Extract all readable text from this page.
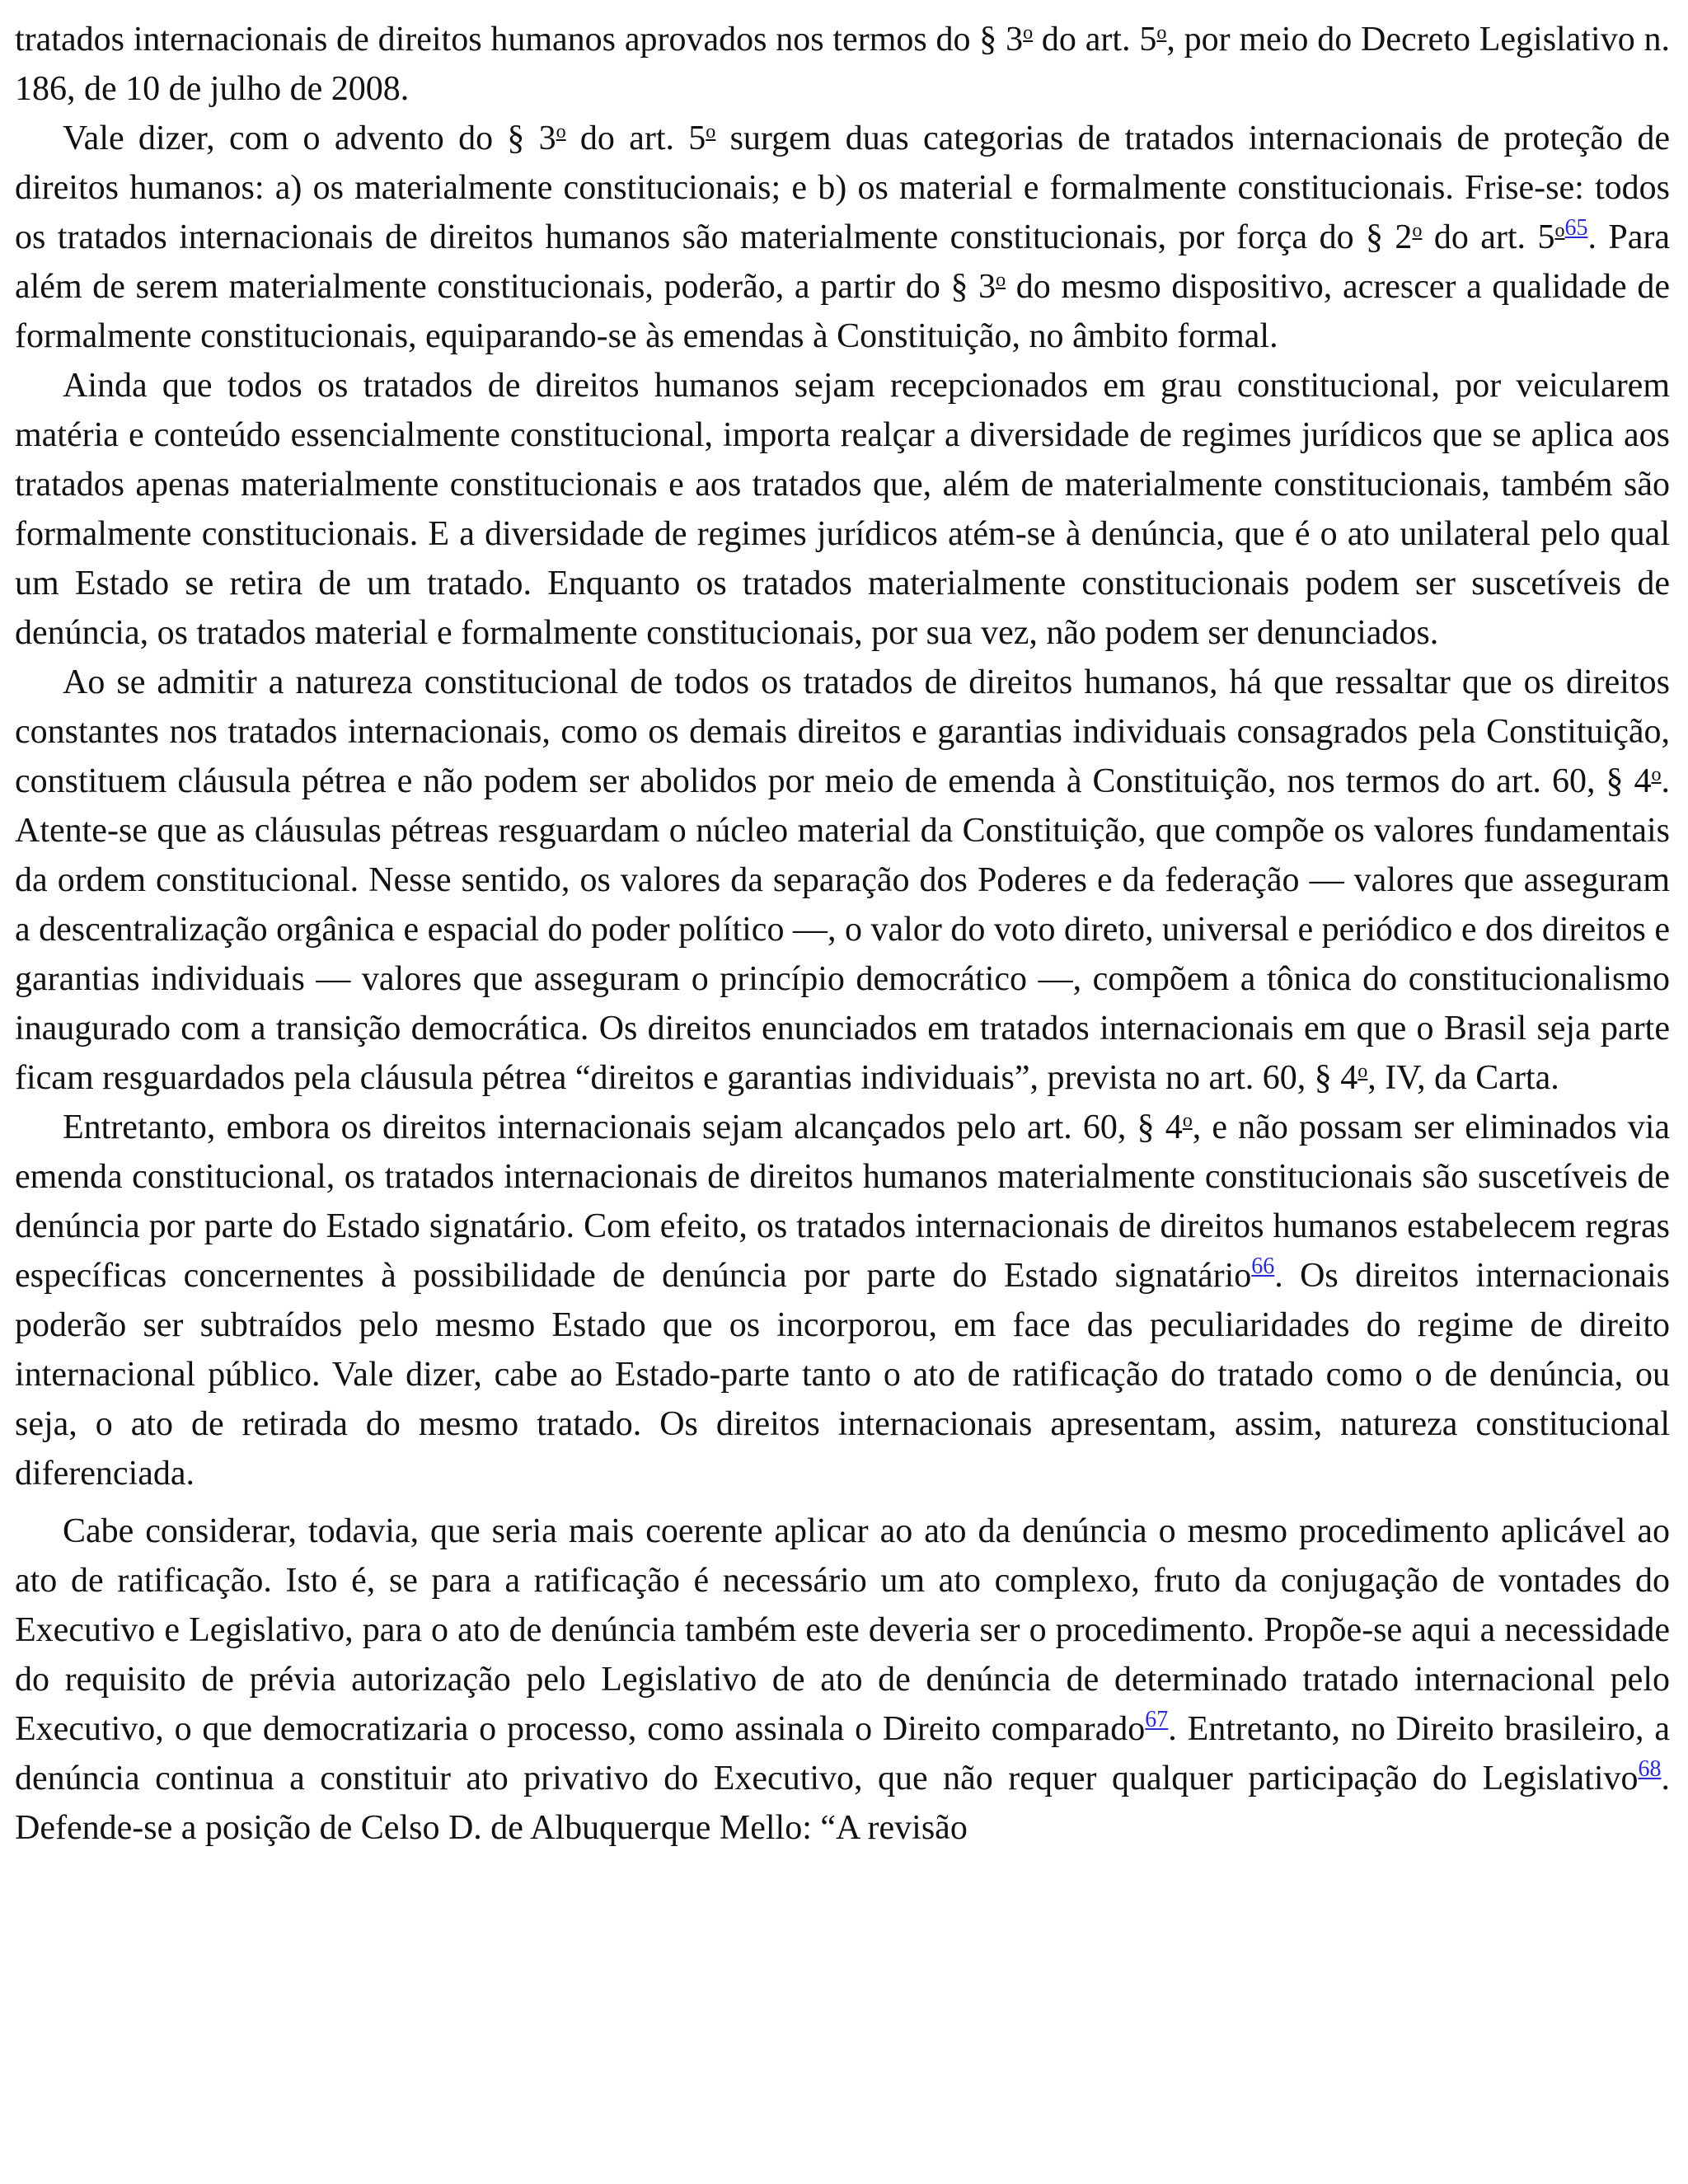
tratados internacionais de direitos humanos aprovados nos termos do § 3$^o$ do art. 5$^o$, por meio do Decreto Legislativo n. 186, de 10 de julho de 2008.

Vale dizer, com o advento do § 3$^o$ do art. 5$^o$ surgem duas categorias de tratados internacionais de proteção de direitos humanos: a) os materialmente constitucionais; e b) os material e formalmente constitucionais. Frise-se: todos os tratados internacionais de direitos humanos são materialmente constitucionais, por força do § 2$^o$ do art. 5$^{o65}$. Para além de serem materialmente constitucionais, poderão, a partir do § 3$^o$ do mesmo dispositivo, acrescer a qualidade de formalmente constitucionais, equiparando-se às emendas à Constituição, no âmbito formal.

Ainda que todos os tratados de direitos humanos sejam recepcionados em grau constitucional, por veicularem matéria e conteúdo essencialmente constitucional, importa realçar a diversidade de regimes jurídicos que se aplica aos tratados apenas materialmente constitucionais e aos tratados que, além de materialmente constitucionais, também são formalmente constitucionais. E a diversidade de regimes jurídicos atém-se à denúncia, que é o ato unilateral pelo qual um Estado se retira de um tratado. Enquanto os tratados materialmente constitucionais podem ser suscetíveis de denúncia, os tratados material e formalmente constitucionais, por sua vez, não podem ser denunciados.

Ao se admitir a natureza constitucional de todos os tratados de direitos humanos, há que ressaltar que os direitos constantes nos tratados internacionais, como os demais direitos e garantias individuais consagrados pela Constituição, constituem cláusula pétrea e não podem ser abolidos por meio de emenda à Constituição, nos termos do art. 60, § 4$^o$. Atente-se que as cláusulas pétreas resguardam o núcleo material da Constituição, que compõe os valores fundamentais da ordem constitucional. Nesse sentido, os valores da separação dos Poderes e da federação — valores que asseguram a descentralização orgânica e espacial do poder político —, o valor do voto direto, universal e periódico e dos direitos e garantias individuais — valores que asseguram o princípio democrático —, compõem a tônica do constitucionalismo inaugurado com a transição democrática. Os direitos enunciados em tratados internacionais em que o Brasil seja parte ficam resguardados pela cláusula pétrea “direitos e garantias individuais”, prevista no art. 60, § 4$^o$, IV, da Carta.

Entretanto, embora os direitos internacionais sejam alcançados pelo art. 60, § 4$^o$, e não possam ser eliminados via emenda constitucional, os tratados internacionais de direitos humanos materialmente constitucionais são suscetíveis de denúncia por parte do Estado signatário. Com efeito, os tratados internacionais de direitos humanos estabelecem regras específicas concernentes à possibilidade de denúncia por parte do Estado signatário$^{66}$. Os direitos internacionais poderão ser subtraídos pelo mesmo Estado que os incorporou, em face das peculiaridades do regime de direito internacional público. Vale dizer, cabe ao Estado-parte tanto o ato de ratificação do tratado como o de denúncia, ou seja, o ato de retirada do mesmo tratado. Os direitos internacionais apresentam, assim, natureza constitucional diferenciada.

Cabe considerar, todavia, que seria mais coerente aplicar ao ato da denúncia o mesmo procedimento aplicável ao ato de ratificação. Isto é, se para a ratificação é necessário um ato complexo, fruto da conjugação de vontades do Executivo e Legislativo, para o ato de denúncia também este deveria ser o procedimento. Propõe-se aqui a necessidade do requisito de prévia autorização pelo Legislativo de ato de denúncia de determinado tratado internacional pelo Executivo, o que democratizaria o processo, como assinala o Direito comparado$^{67}$. Entretanto, no Direito brasileiro, a denúncia continua a constituir ato privativo do Executivo, que não requer qualquer participação do Legislativo$^{68}$. Defende-se a posição de Celso D. de Albuquerque Mello: “A revisão
